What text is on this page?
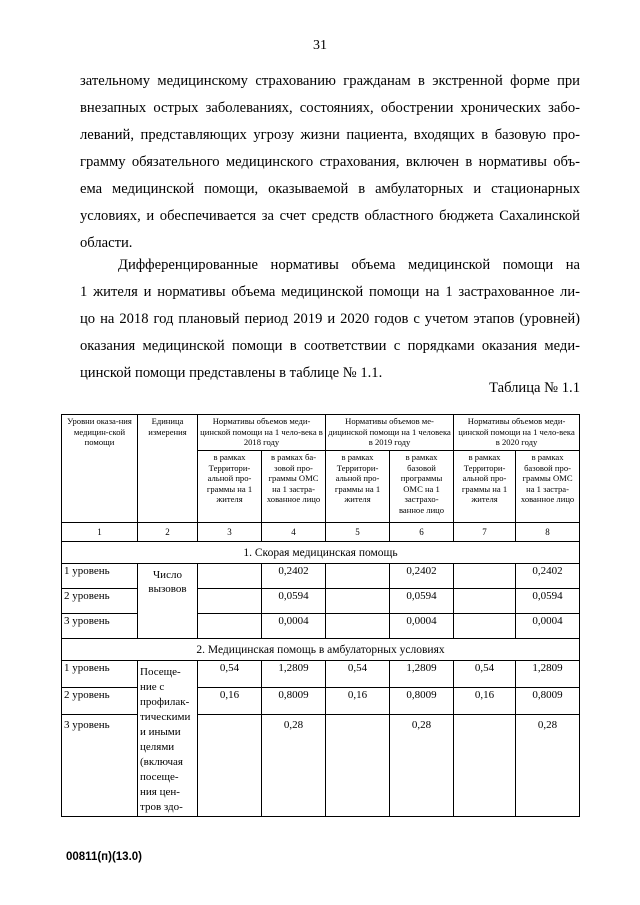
31
зательному медицинскому страхованию гражданам в экстренной форме при
внезапных острых заболеваниях, состояниях, обострении хронических забо-
леваний, представляющих угрозу жизни пациента, входящих в базовую про-
грамму обязательного медицинского страхования, включен в нормативы объ-
ема медицинской помощи, оказываемой в амбулаторных и стационарных
условиях, и обеспечивается за счет средств областного бюджета Сахалинской
области.
Дифференцированные нормативы объема медицинской помощи на
1 жителя и нормативы объема медицинской помощи на 1 застрахованное ли-
цо на 2018 год плановый период 2019 и 2020 годов с учетом этапов (уровней)
оказания медицинской помощи в соответствии с порядками оказания меди-
цинской помощи представлены в таблице № 1.1.
Таблица № 1.1
Уровни оказа-ния медицин-ской помощи	Единица измерения	Нормативы объемов меди-цинской помощи на 1 чело-века в 2018 году		Нормативы объемов ме-дицинской помощи на 1 человека в 2019 году		Нормативы объемов меди-цинской помощи на 1 чело-века в 2020 году	
		в рамках Территори-альной про-граммы на 1 жителя	в рамках ба-зовой про-граммы ОМС на 1 застра-хованное лицо	в рамках Территори-альной про-граммы на 1 жителя	в рамках базовой программы ОМС на 1 застрахо-ванное лицо	в рамках Территори-альной про-граммы на 1 жителя	в рамках базовой про-граммы ОМС на 1 застра-хованное лицо
1	2	3	4	5	6	7	8
1. Скорая медицинская помощь							
1 уровень	Число вызовов		0,2402		0,2402		0,2402
2 уровень			0,0594		0,0594		0,0594
3 уровень			0,0004		0,0004		0,0004
2. Медицинская помощь в амбулаторных условиях							
1 уровень	Посеще-ние с профилак-тическими и иными целями (включая посеще-ния цен-тров здо-	0,54	1,2809	0,54	1,2809	0,54	1,2809
2 уровень		0,16	0,8009	0,16	0,8009	0,16	0,8009
3 уровень			0,28		0,28		0,28
00811(п)(13.0)
